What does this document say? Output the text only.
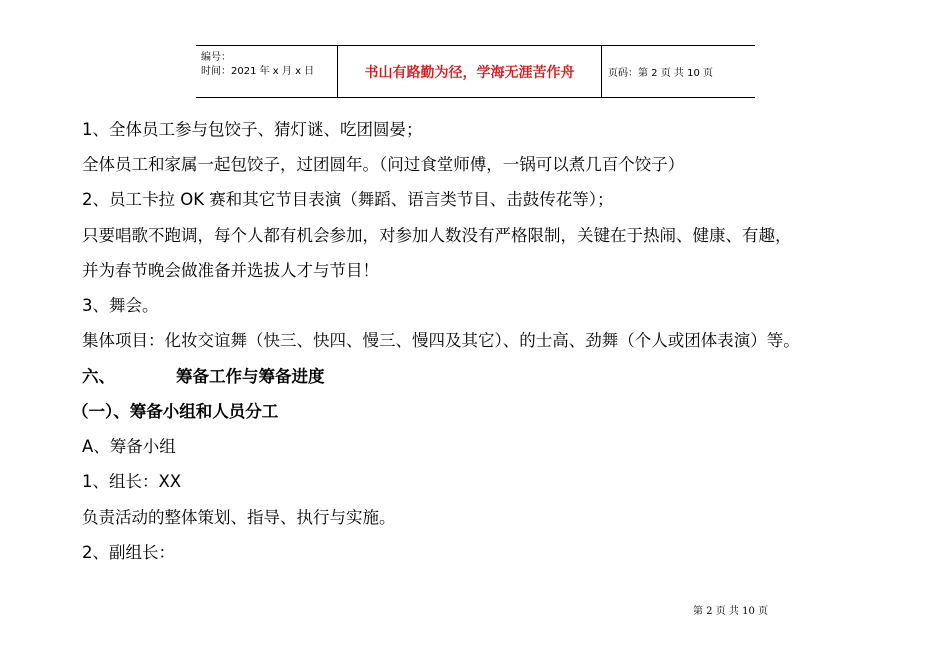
编号：
时间：2021 年 x 月 x 日	书山有路勤为径，学海无涯苦作舟	页码：第 2 页 共 10 页
1、全体员工参与包饺子、猜灯谜、吃团圆晏；
全体员工和家属一起包饺子，过团圆年。（问过食堂师傅，一锅可以煮几百个饺子）
2、员工卡拉 OK 赛和其它节目表演（舞蹈、语言类节目、击鼓传花等）；
只要唱歌不跑调，每个人都有机会参加，对参加人数没有严格限制，关键在于热闹、健康、有趣，
并为春节晚会做准备并选拔人才与节目！
3、舞会。
集体项目：化妆交谊舞（快三、快四、慢三、慢四及其它）、的士高、劲舞（个人或团体表演）等。
六、	筹备工作与筹备进度
（一）、筹备小组和人员分工
A、筹备小组
1、组长：XX
负责活动的整体策划、指导、执行与实施。
2、副组长：
第 2 页 共 10 页
